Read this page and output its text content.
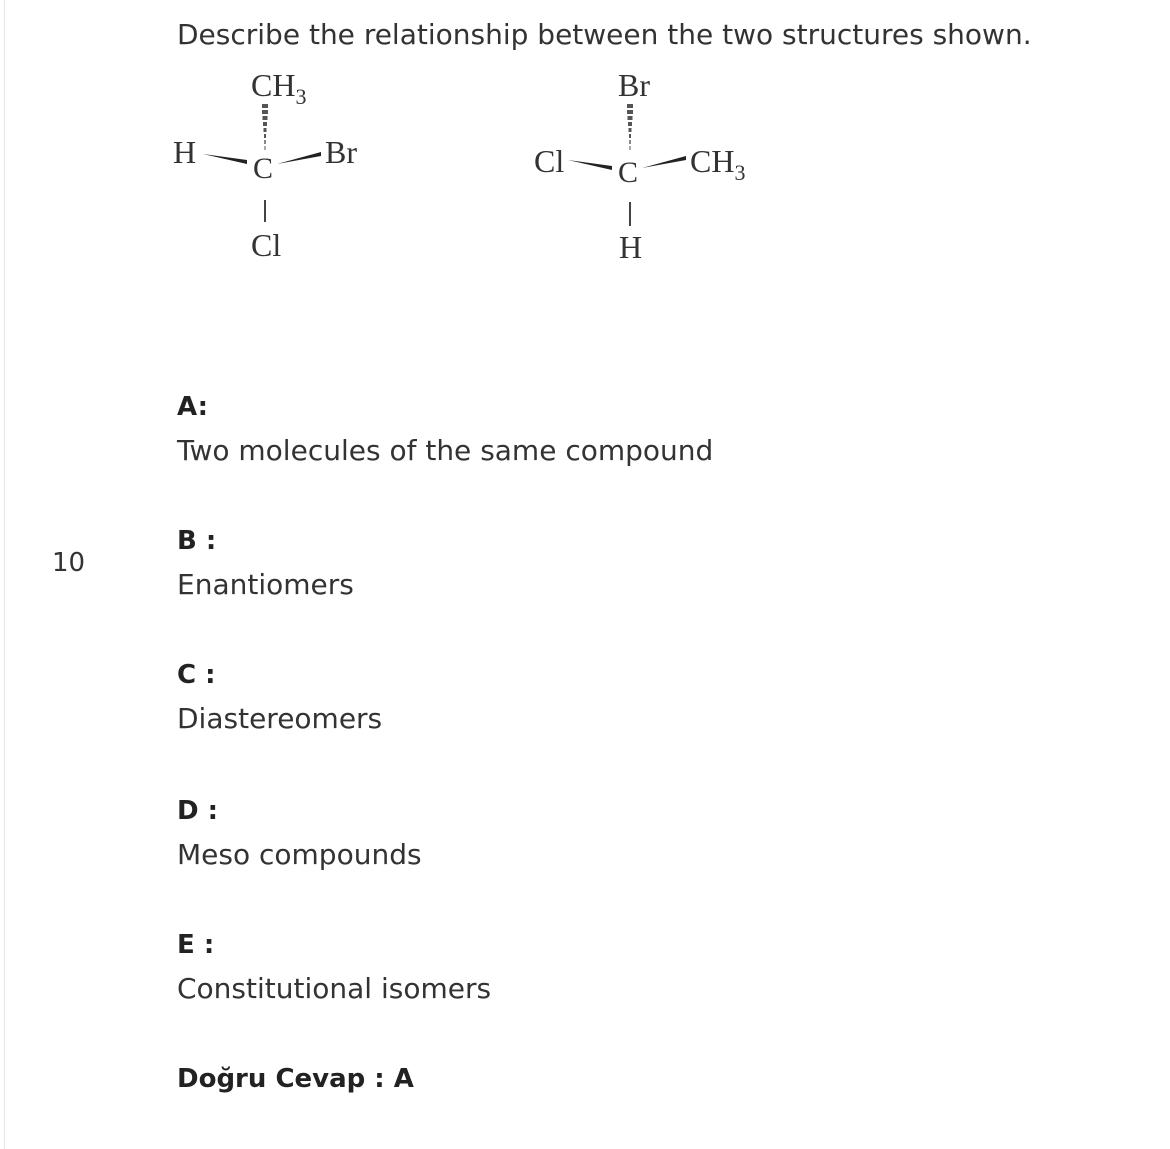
10
Describe the relationship between the two structures shown.
$CH_3$
H C Br
Cl
Br
Cl C $CH_3$
H
A:
Two molecules of the same compound
B :
Enantiomers
C :
Diastereomers
D :
Meso compounds
E :
Constitutional isomers
Doğru Cevap : A
